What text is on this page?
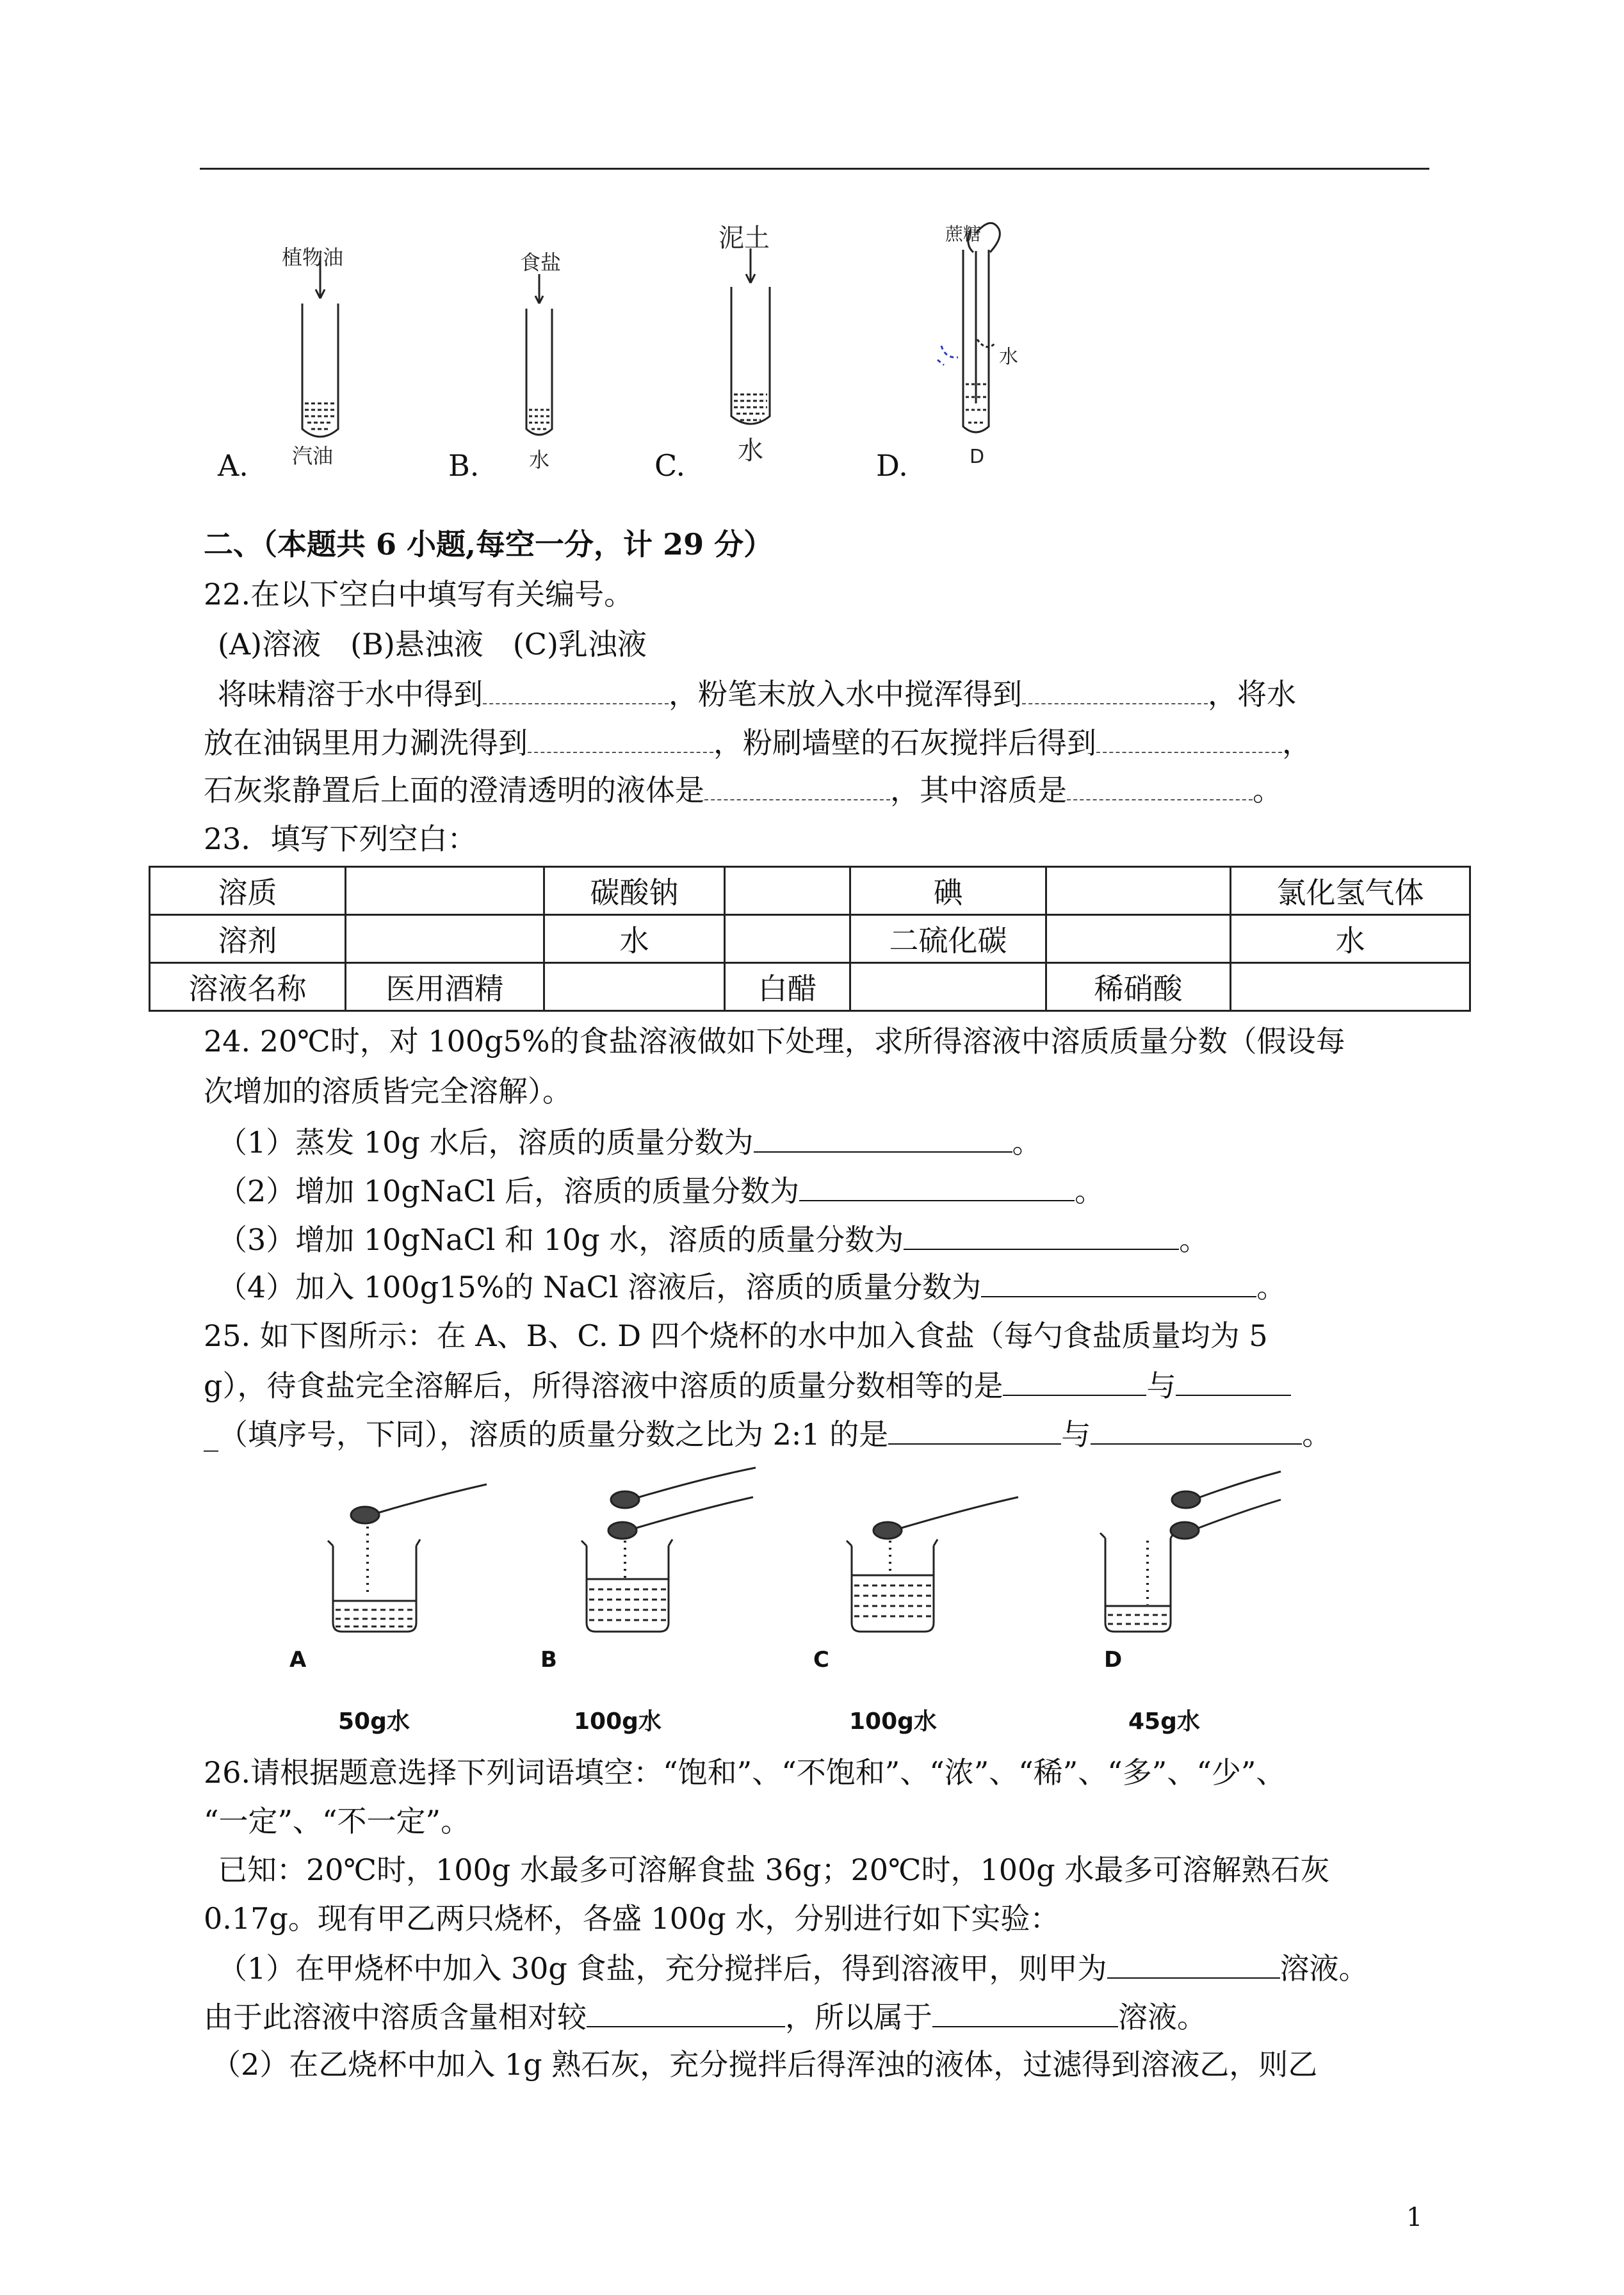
植物油
汽油
A.
食盐
水
B.
泥土
水
C.
蔗糖
水
D
D.
二、（本题共 6 小题,每空一分，计 29 分）
22.在以下空白中填写有关编号。
(A)溶液　(B)悬浊液　(C)乳浊液
将味精溶于水中得到	，粉笔末放入水中搅浑得到	，将水
放在油锅里用力涮洗得到	，粉刷墙壁的石灰搅拌后得到	，
石灰浆静置后上面的澄清透明的液体是	，其中溶质是	。
23．填写下列空白：
溶质		碳酸钠		碘		氯化氢气体
溶剂		水		二硫化碳		水
溶液名称	医用酒精		白醋		稀硝酸	
24. 20℃时，对 100g5%的食盐溶液做如下处理，求所得溶液中溶质质量分数（假设每
次增加的溶质皆完全溶解）。
（1）蒸发 10g 水后，溶质的质量分数为	。
（2）增加 10gNaCl 后，溶质的质量分数为	。
（3）增加 10gNaCl 和 10g 水，溶质的质量分数为	。
（4）加入 100g15%的 NaCl 溶液后，溶质的质量分数为	。
25. 如下图所示：在 A、B、C. D 四个烧杯的水中加入食盐（每勺食盐质量均为 5
g），待食盐完全溶解后，所得溶液中溶质的质量分数相等的是	与
_（填序号，下同），溶质的质量分数之比为 2:1 的是	与	。
A
50g水
B
100g水
C
100g水
D
45g水
26.请根据题意选择下列词语填空：“饱和”、“不饱和”、“浓”、“稀”、“多”、“少”、
“一定”、“不一定”。
已知：20℃时，100g 水最多可溶解食盐 36g；20℃时，100g 水最多可溶解熟石灰
0.17g。现有甲乙两只烧杯，各盛 100g 水，分别进行如下实验：
（1）在甲烧杯中加入 30g 食盐，充分搅拌后，得到溶液甲，则甲为	溶液。
由于此溶液中溶质含量相对较	，所以属于	溶液。
（2）在乙烧杯中加入 1g 熟石灰，充分搅拌后得浑浊的液体，过滤得到溶液乙，则乙
1
